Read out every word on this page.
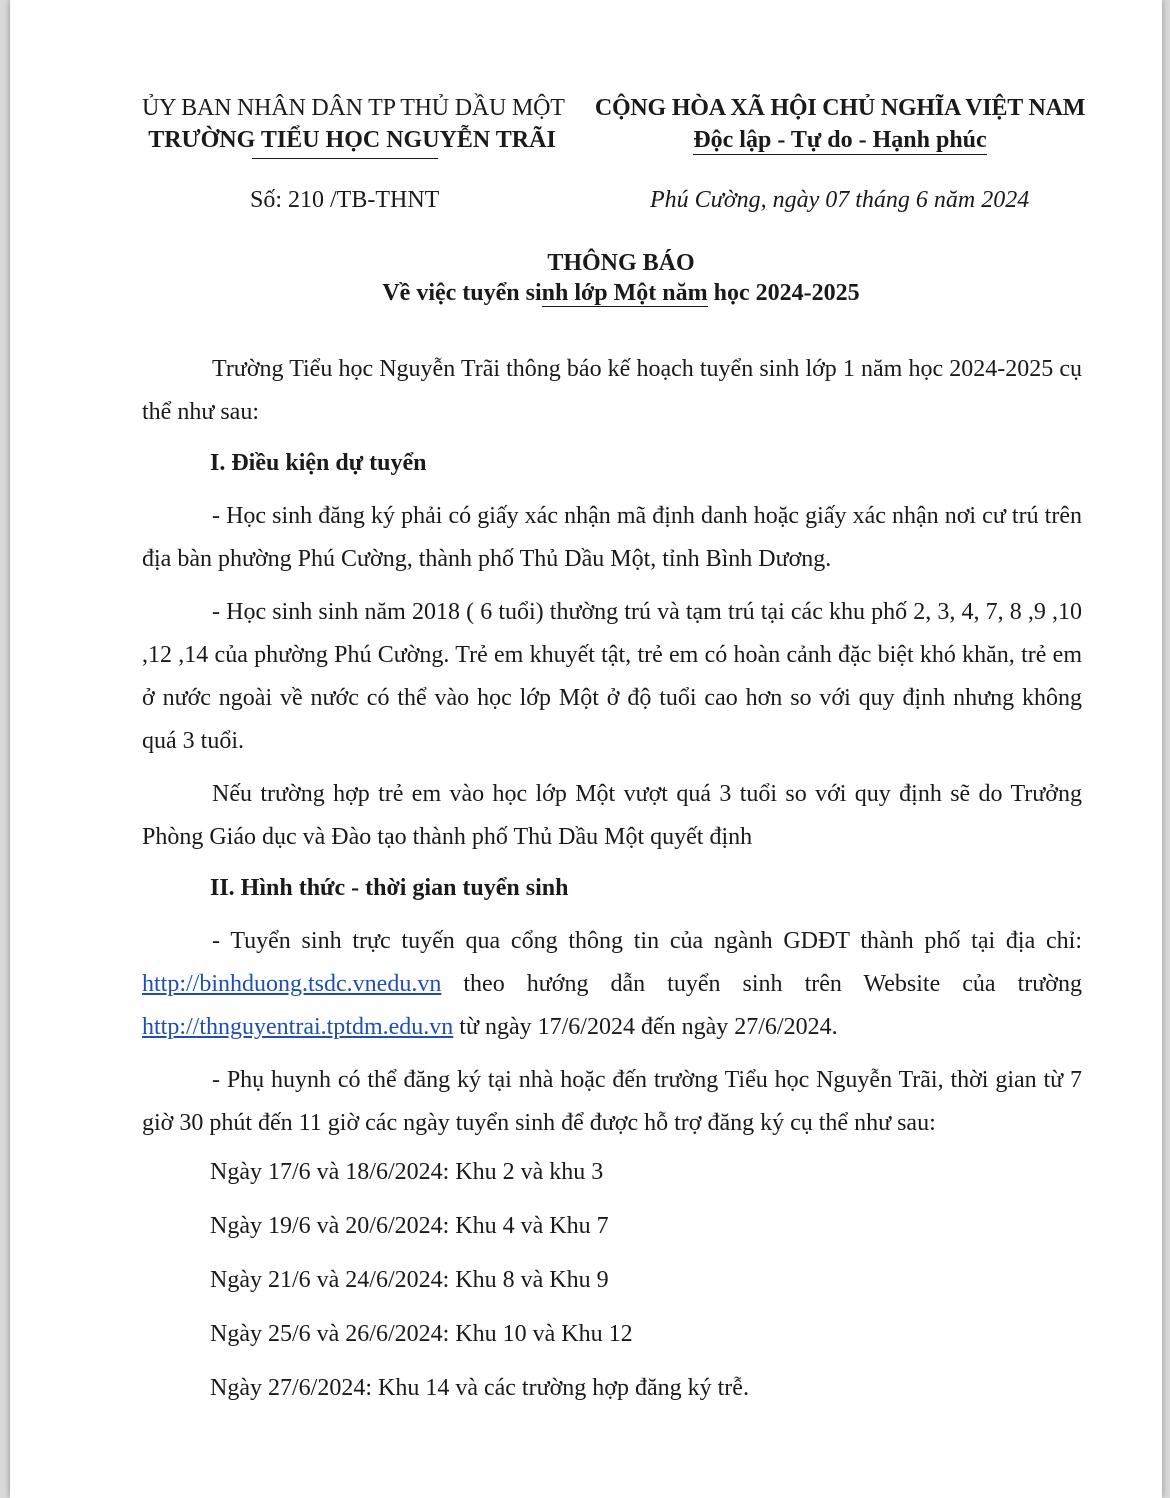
ỦY BAN NHÂN DÂN TP THỦ DẦU MỘT
TRƯỜNG TIỂU HỌC NGUYỄN TRÃI
CỘNG HÒA XÃ HỘI CHỦ NGHĨA VIỆT NAM
Độc lập - Tự do - Hạnh phúc
Số: 210 /TB-THNT	Phú Cường, ngày 07 tháng 6 năm 2024
THÔNG BÁO
Về việc tuyển sinh lớp Một năm học 2024-2025

Trường Tiểu học Nguyễn Trãi thông báo kế hoạch tuyển sinh lớp 1 năm học 2024-2025 cụ thể như sau:

I. Điều kiện dự tuyển

- Học sinh đăng ký phải có giấy xác nhận mã định danh hoặc giấy xác nhận nơi cư trú trên địa bàn phường Phú Cường, thành phố Thủ Dầu Một, tỉnh Bình Dương.

- Học sinh sinh năm 2018 ( 6 tuổi) thường trú và tạm trú tại các khu phố 2, 3, 4, 7, 8 ,9 ,10 ,12 ,14 của phường Phú Cường. Trẻ em khuyết tật, trẻ em có hoàn cảnh đặc biệt khó khăn, trẻ em ở nước ngoài về nước có thể vào học lớp Một ở độ tuổi cao hơn so với quy định nhưng không quá 3 tuổi.

Nếu trường hợp trẻ em vào học lớp Một vượt quá 3 tuổi so với quy định sẽ do Trưởng Phòng Giáo dục và Đào tạo thành phố Thủ Dầu Một quyết định

II. Hình thức - thời gian tuyển sinh

- Tuyển sinh trực tuyến qua cổng thông tin của ngành GDĐT thành phố tại địa chỉ: http://binhduong.tsdc.vnedu.vn theo hướng dẫn tuyển sinh trên Website của trường http://thnguyentrai.tptdm.edu.vn từ ngày 17/6/2024 đến ngày 27/6/2024.

- Phụ huynh có thể đăng ký tại nhà hoặc đến trường Tiểu học Nguyễn Trãi, thời gian từ 7 giờ 30 phút đến 11 giờ các ngày tuyển sinh để được hỗ trợ đăng ký cụ thể như sau:

Ngày 17/6 và 18/6/2024: Khu 2 và khu 3

Ngày 19/6 và 20/6/2024: Khu 4 và Khu 7

Ngày 21/6 và 24/6/2024: Khu 8 và Khu 9

Ngày 25/6 và 26/6/2024: Khu 10 và Khu 12

Ngày 27/6/2024: Khu 14 và các trường hợp đăng ký trễ.
